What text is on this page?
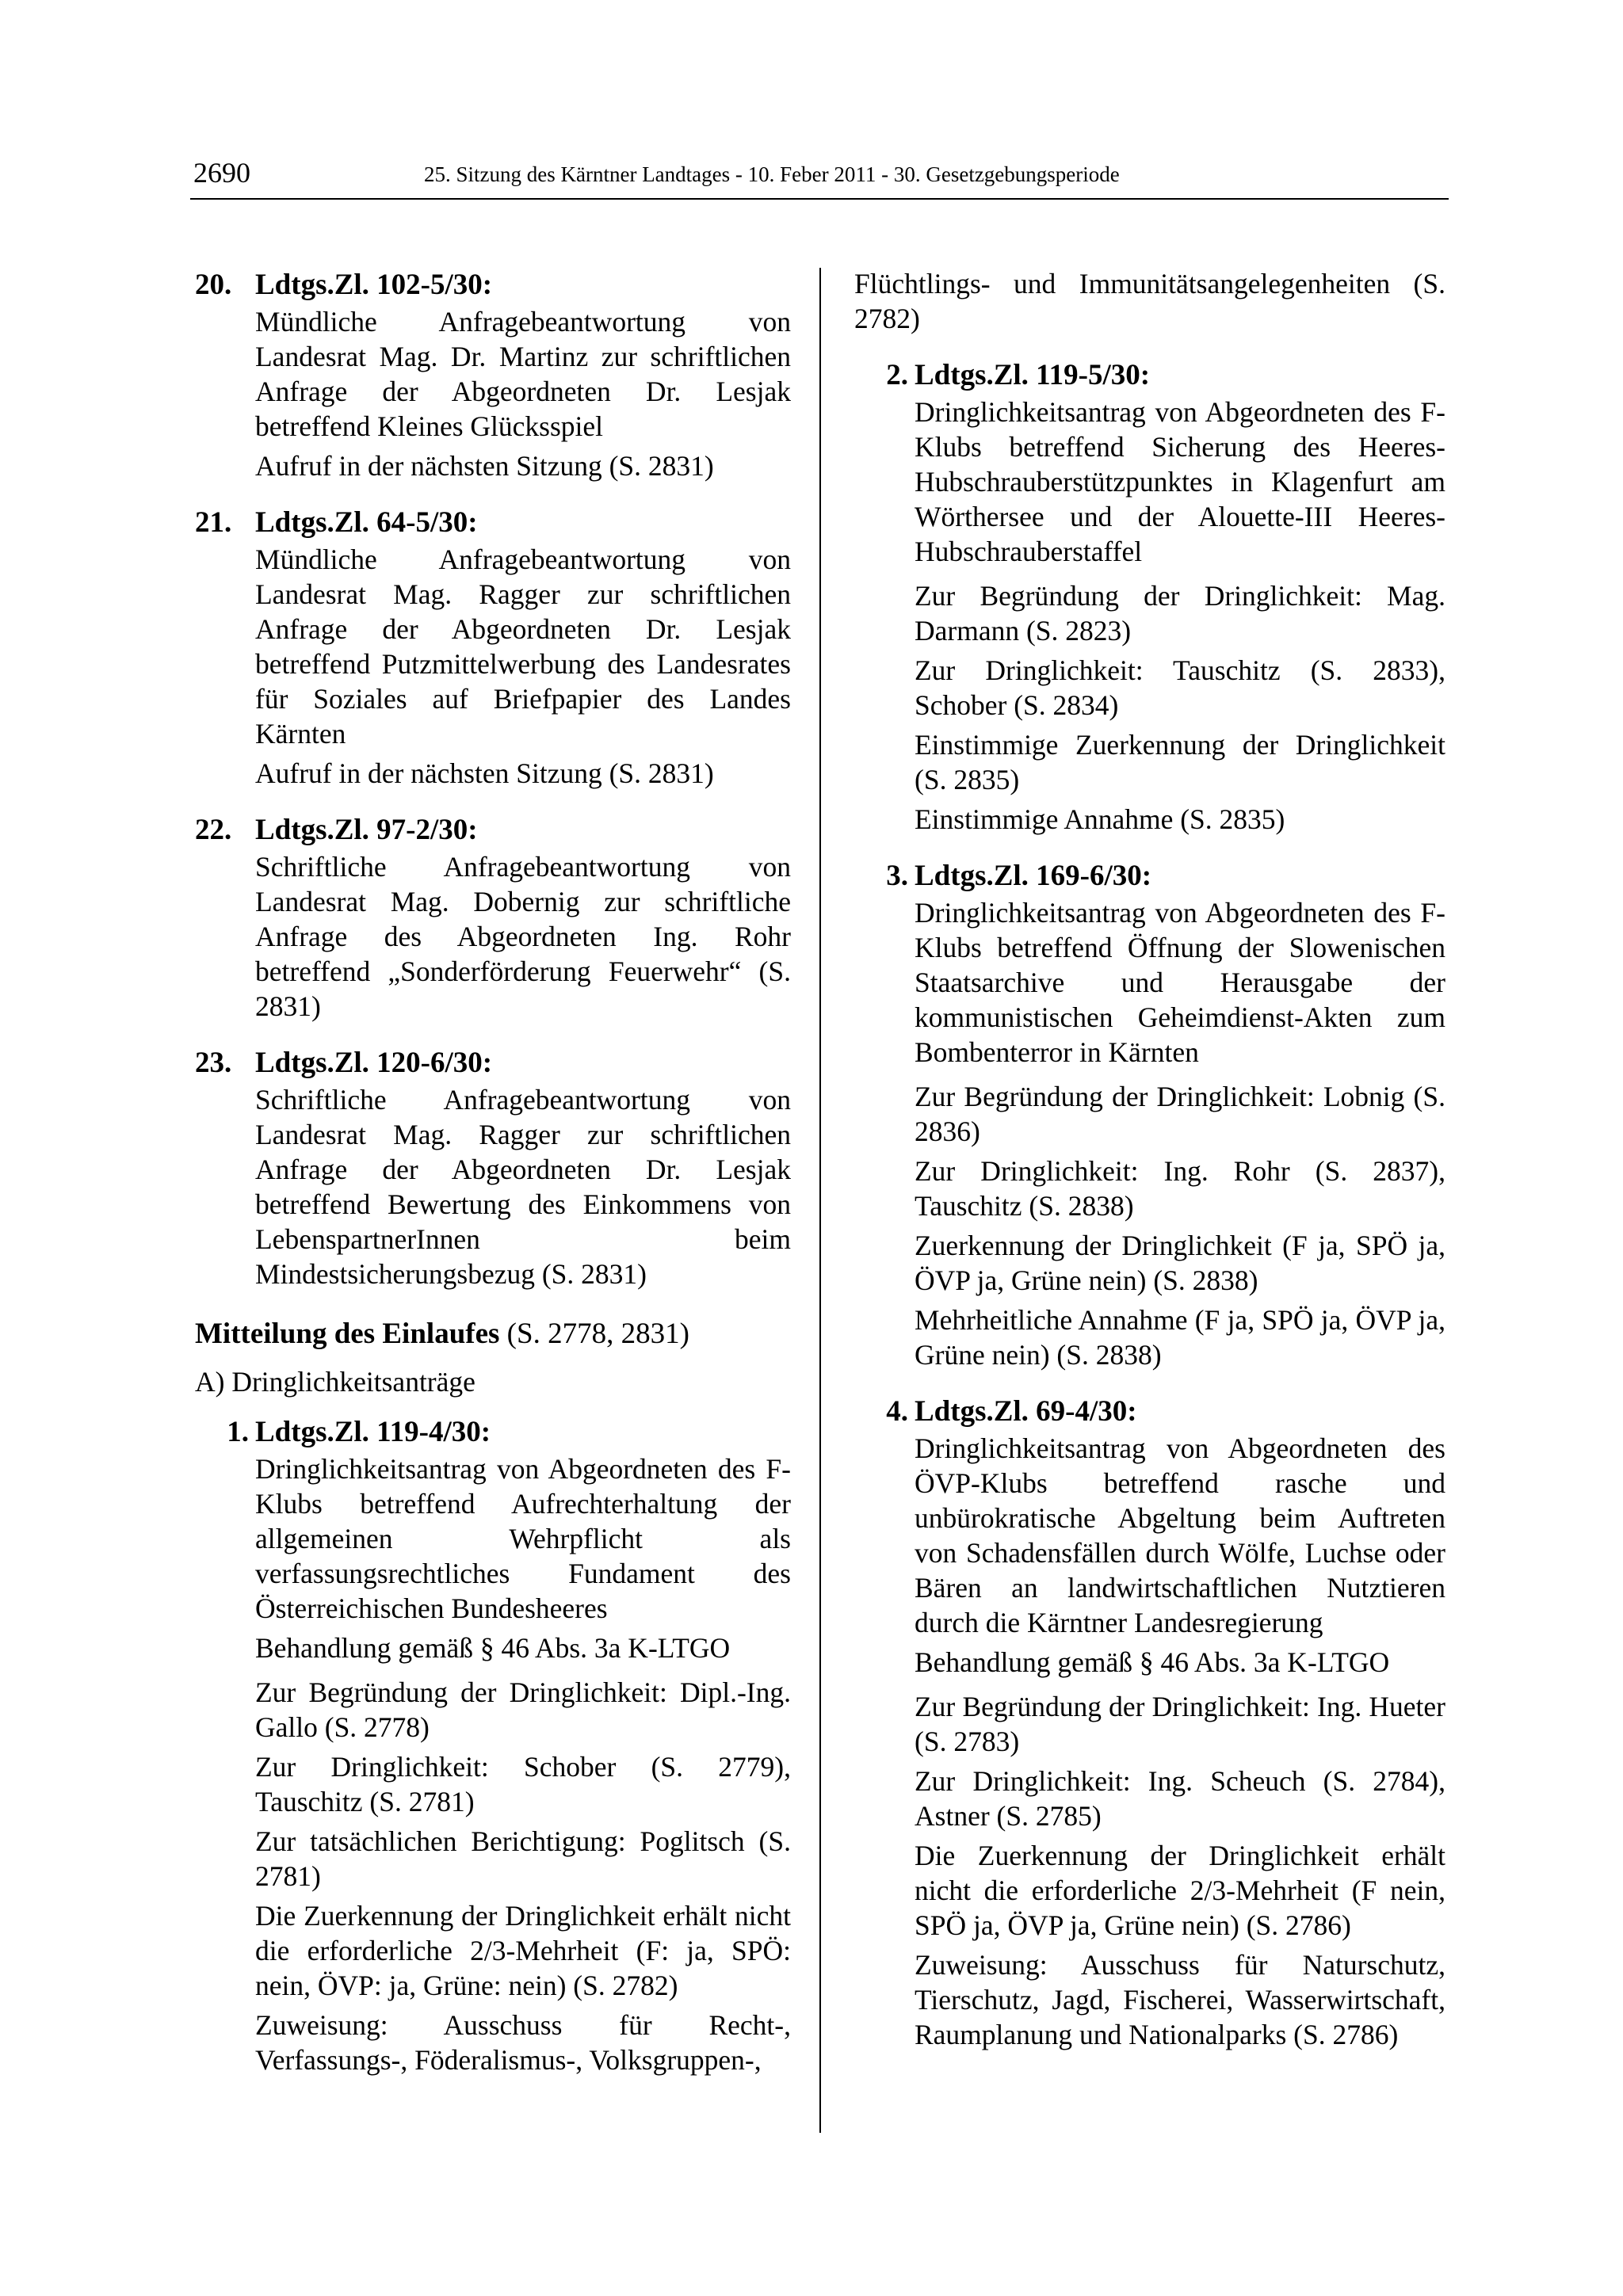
2690	25. Sitzung des Kärntner Landtages - 10. Feber 2011 - 30. Gesetzgebungsperiode
20. Ldtgs.Zl. 102-5/30:
Mündliche Anfragebeantwortung von Landesrat Mag. Dr. Martinz zur schriftlichen Anfrage der Abgeordneten Dr. Lesjak betreffend Kleines Glücksspiel
Aufruf in der nächsten Sitzung (S. 2831)
21. Ldtgs.Zl. 64-5/30:
Mündliche Anfragebeantwortung von Landesrat Mag. Ragger zur schriftlichen Anfrage der Abgeordneten Dr. Lesjak betreffend Putzmittelwerbung des Landesrates für Soziales auf Briefpapier des Landes Kärnten
Aufruf in der nächsten Sitzung (S. 2831)
22. Ldtgs.Zl. 97-2/30:
Schriftliche Anfragebeantwortung von Landesrat Mag. Dobernig zur schriftliche Anfrage des Abgeordneten Ing. Rohr betreffend „Sonderförderung Feuerwehr“ (S. 2831)
23. Ldtgs.Zl. 120-6/30:
Schriftliche Anfragebeantwortung von Landesrat Mag. Ragger zur schriftlichen Anfrage der Abgeordneten Dr. Lesjak betreffend Bewertung des Einkommens von LebenspartnerInnen beim Mindestsicherungsbezug (S. 2831)
Mitteilung des Einlaufes (S. 2778, 2831)
A) Dringlichkeitsanträge
1. Ldtgs.Zl. 119-4/30:
Dringlichkeitsantrag von Abgeordneten des F-Klubs betreffend Aufrechterhaltung der allgemeinen Wehrpflicht als verfassungsrechtliches Fundament des Österreichischen Bundesheeres
Behandlung gemäß § 46 Abs. 3a K-LTGO
Zur Begründung der Dringlichkeit: Dipl.-Ing. Gallo (S. 2778)
Zur Dringlichkeit: Schober (S. 2779), Tauschitz (S. 2781)
Zur tatsächlichen Berichtigung: Poglitsch (S. 2781)
Die Zuerkennung der Dringlichkeit erhält nicht die erforderliche 2/3-Mehrheit (F: ja, SPÖ: nein, ÖVP: ja, Grüne: nein) (S. 2782)
Zuweisung: Ausschuss für Recht-, Verfassungs-, Föderalismus-, Volksgruppen-,
Flüchtlings- und Immunitätsangelegenheiten (S. 2782)
2. Ldtgs.Zl. 119-5/30:
Dringlichkeitsantrag von Abgeordneten des F-Klubs betreffend Sicherung des Heeres-Hubschrauberstützpunktes in Klagenfurt am Wörthersee und der Alouette-III Heeres-Hubschrauberstaffel
Zur Begründung der Dringlichkeit: Mag. Darmann (S. 2823)
Zur Dringlichkeit: Tauschitz (S. 2833), Schober (S. 2834)
Einstimmige Zuerkennung der Dringlichkeit (S. 2835)
Einstimmige Annahme (S. 2835)
3. Ldtgs.Zl. 169-6/30:
Dringlichkeitsantrag von Abgeordneten des F-Klubs betreffend Öffnung der Slowenischen Staatsarchive und Herausgabe der kommunistischen Geheimdienst-Akten zum Bombenterror in Kärnten
Zur Begründung der Dringlichkeit: Lobnig (S. 2836)
Zur Dringlichkeit: Ing. Rohr (S. 2837), Tauschitz (S. 2838)
Zuerkennung der Dringlichkeit (F ja, SPÖ ja, ÖVP ja, Grüne nein) (S. 2838)
Mehrheitliche Annahme (F ja, SPÖ ja, ÖVP ja, Grüne nein) (S. 2838)
4. Ldtgs.Zl. 69-4/30:
Dringlichkeitsantrag von Abgeordneten des ÖVP-Klubs betreffend rasche und unbürokratische Abgeltung beim Auftreten von Schadensfällen durch Wölfe, Luchse oder Bären an landwirtschaftlichen Nutztieren durch die Kärntner Landesregierung
Behandlung gemäß § 46 Abs. 3a K-LTGO
Zur Begründung der Dringlichkeit: Ing. Hueter (S. 2783)
Zur Dringlichkeit: Ing. Scheuch (S. 2784), Astner (S. 2785)
Die Zuerkennung der Dringlichkeit erhält nicht die erforderliche 2/3-Mehrheit (F nein, SPÖ ja, ÖVP ja, Grüne nein) (S. 2786)
Zuweisung: Ausschuss für Naturschutz, Tierschutz, Jagd, Fischerei, Wasserwirtschaft, Raumplanung und Nationalparks (S. 2786)
